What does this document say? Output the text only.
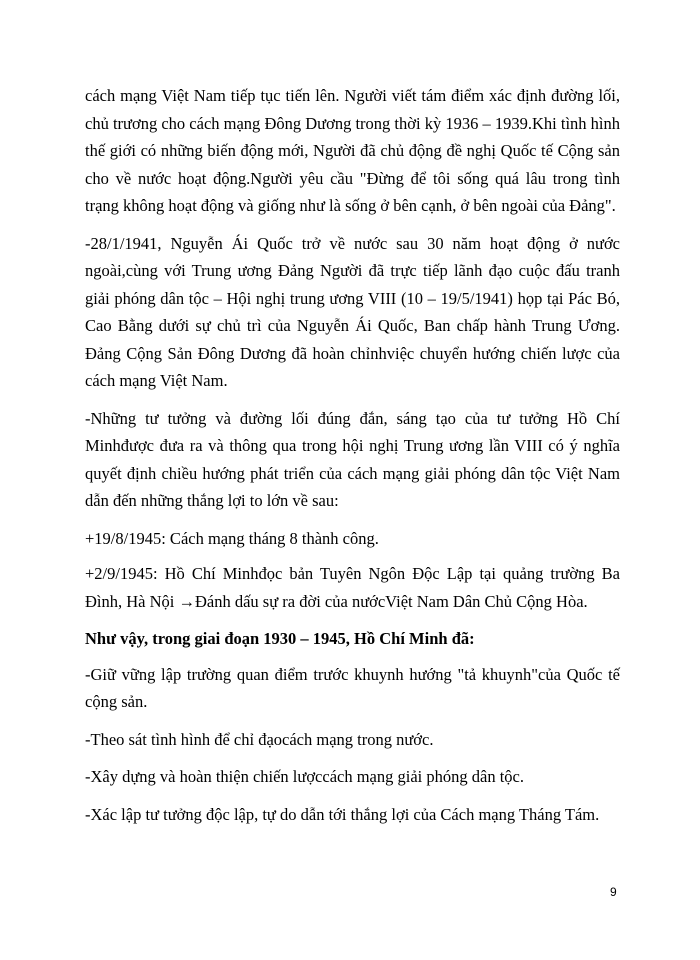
cách mạng Việt Nam tiếp tục tiến lên. Người viết tám điểm xác định đường lối, chủ trương cho cách mạng Đông Dương trong thời kỳ 1936 – 1939.Khi tình hình thế giới có những biến động mới, Người đã chủ động đề nghị Quốc tế Cộng sản cho về nước hoạt động.Người yêu cầu "Đừng để tôi sống quá lâu trong tình trạng không hoạt động và giống như là sống ở bên cạnh, ở bên ngoài của Đảng".

-28/1/1941, Nguyễn Ái Quốc trở về nước sau 30 năm hoạt động ở nước ngoài,cùng với Trung ương Đảng Người đã trực tiếp lãnh đạo cuộc đấu tranh giải phóng dân tộc – Hội nghị trung ương VIII (10 – 19/5/1941) họp tại Pác Bó, Cao Bằng dưới sự chủ trì của Nguyễn Ái Quốc, Ban chấp hành Trung Ương. Đảng Cộng Sản Đông Dương đã hoàn chỉnhviệc chuyển hướng chiến lược của cách mạng Việt Nam.

-Những tư tưởng và đường lối đúng đắn, sáng tạo của tư tưởng Hồ Chí Minhđược đưa ra và thông qua trong hội nghị Trung ương lần VIII có ý nghĩa quyết định chiều hướng phát triển của cách mạng giải phóng dân tộc Việt Nam dẫn đến những thắng lợi to lớn về sau:

+19/8/1945: Cách mạng tháng 8 thành công.

+2/9/1945: Hồ Chí Minhđọc bản Tuyên Ngôn Độc Lập tại quảng trường Ba Đình, Hà Nội →Đánh dấu sự ra đời của nướcViệt Nam Dân Chủ Cộng Hòa.

Như vậy, trong giai đoạn 1930 – 1945, Hồ Chí Minh đã:

-Giữ vững lập trường quan điểm trước khuynh hướng "tả khuynh"của Quốc tế cộng sản.

-Theo sát tình hình để chỉ đạocách mạng trong nước.

-Xây dựng và hoàn thiện chiến lượccách mạng giải phóng dân tộc.

-Xác lập tư tưởng độc lập, tự do dẫn tới thắng lợi của Cách mạng Tháng Tám.

9
